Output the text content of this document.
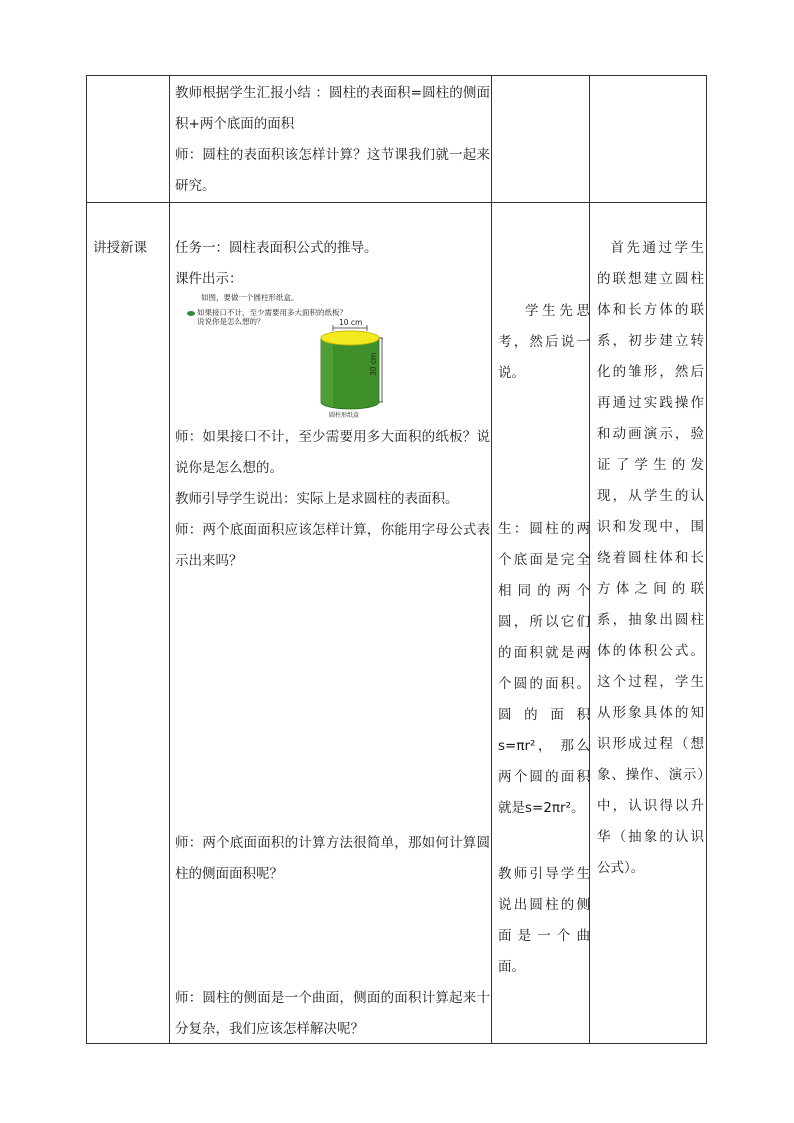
教师根据学生汇报小结 ：圆柱的表面积=圆柱的侧面积+两个底面的面积

师：圆柱的表面积该怎样计算？这节课我们就一起来研究。

讲授新课	任务一：圆柱表面积公式的推导。

课件出示：

如图，要做一个圆柱形纸盒。
如果接口不计，至少需要用多大面积的纸板？
说说你是怎么想的？	10 cm
30 cm
圆柱形纸盒

师：如果接口不计，至少需要用多大面积的纸板？说说你是怎么想的。

教师引导学生说出：实际上是求圆柱的表面积。

师：两个底面面积应该怎样计算，你能用字母公式表示出来吗？

师：两个底面面积的计算方法很简单，那如何计算圆柱的侧面面积呢？
师：圆柱的侧面是一个曲面，侧面的面积计算起来十分复杂，我们应该怎样解决呢？
学生先思考，然后说一说。
生：圆柱的两个底面是完全相同的两个圆，所以它们的面积就是两个圆的面积。圆的面积 s=πr²， 那么两个圆的面积就是s=2πr²。
教师引导学生说出圆柱的侧面是一个曲面。
首先通过学生的联想建立圆柱体和长方体的联系，初步建立转化的雏形，然后再通过实践操作和动画演示，验证了学生的发现，从学生的认识和发现中，围绕着圆柱体和长方体之间的联系，抽象出圆柱体的体积公式。这个过程，学生从形象具体的知识形成过程（想象、操作、演示）中，认识得以升华（抽象的认识公式）。
